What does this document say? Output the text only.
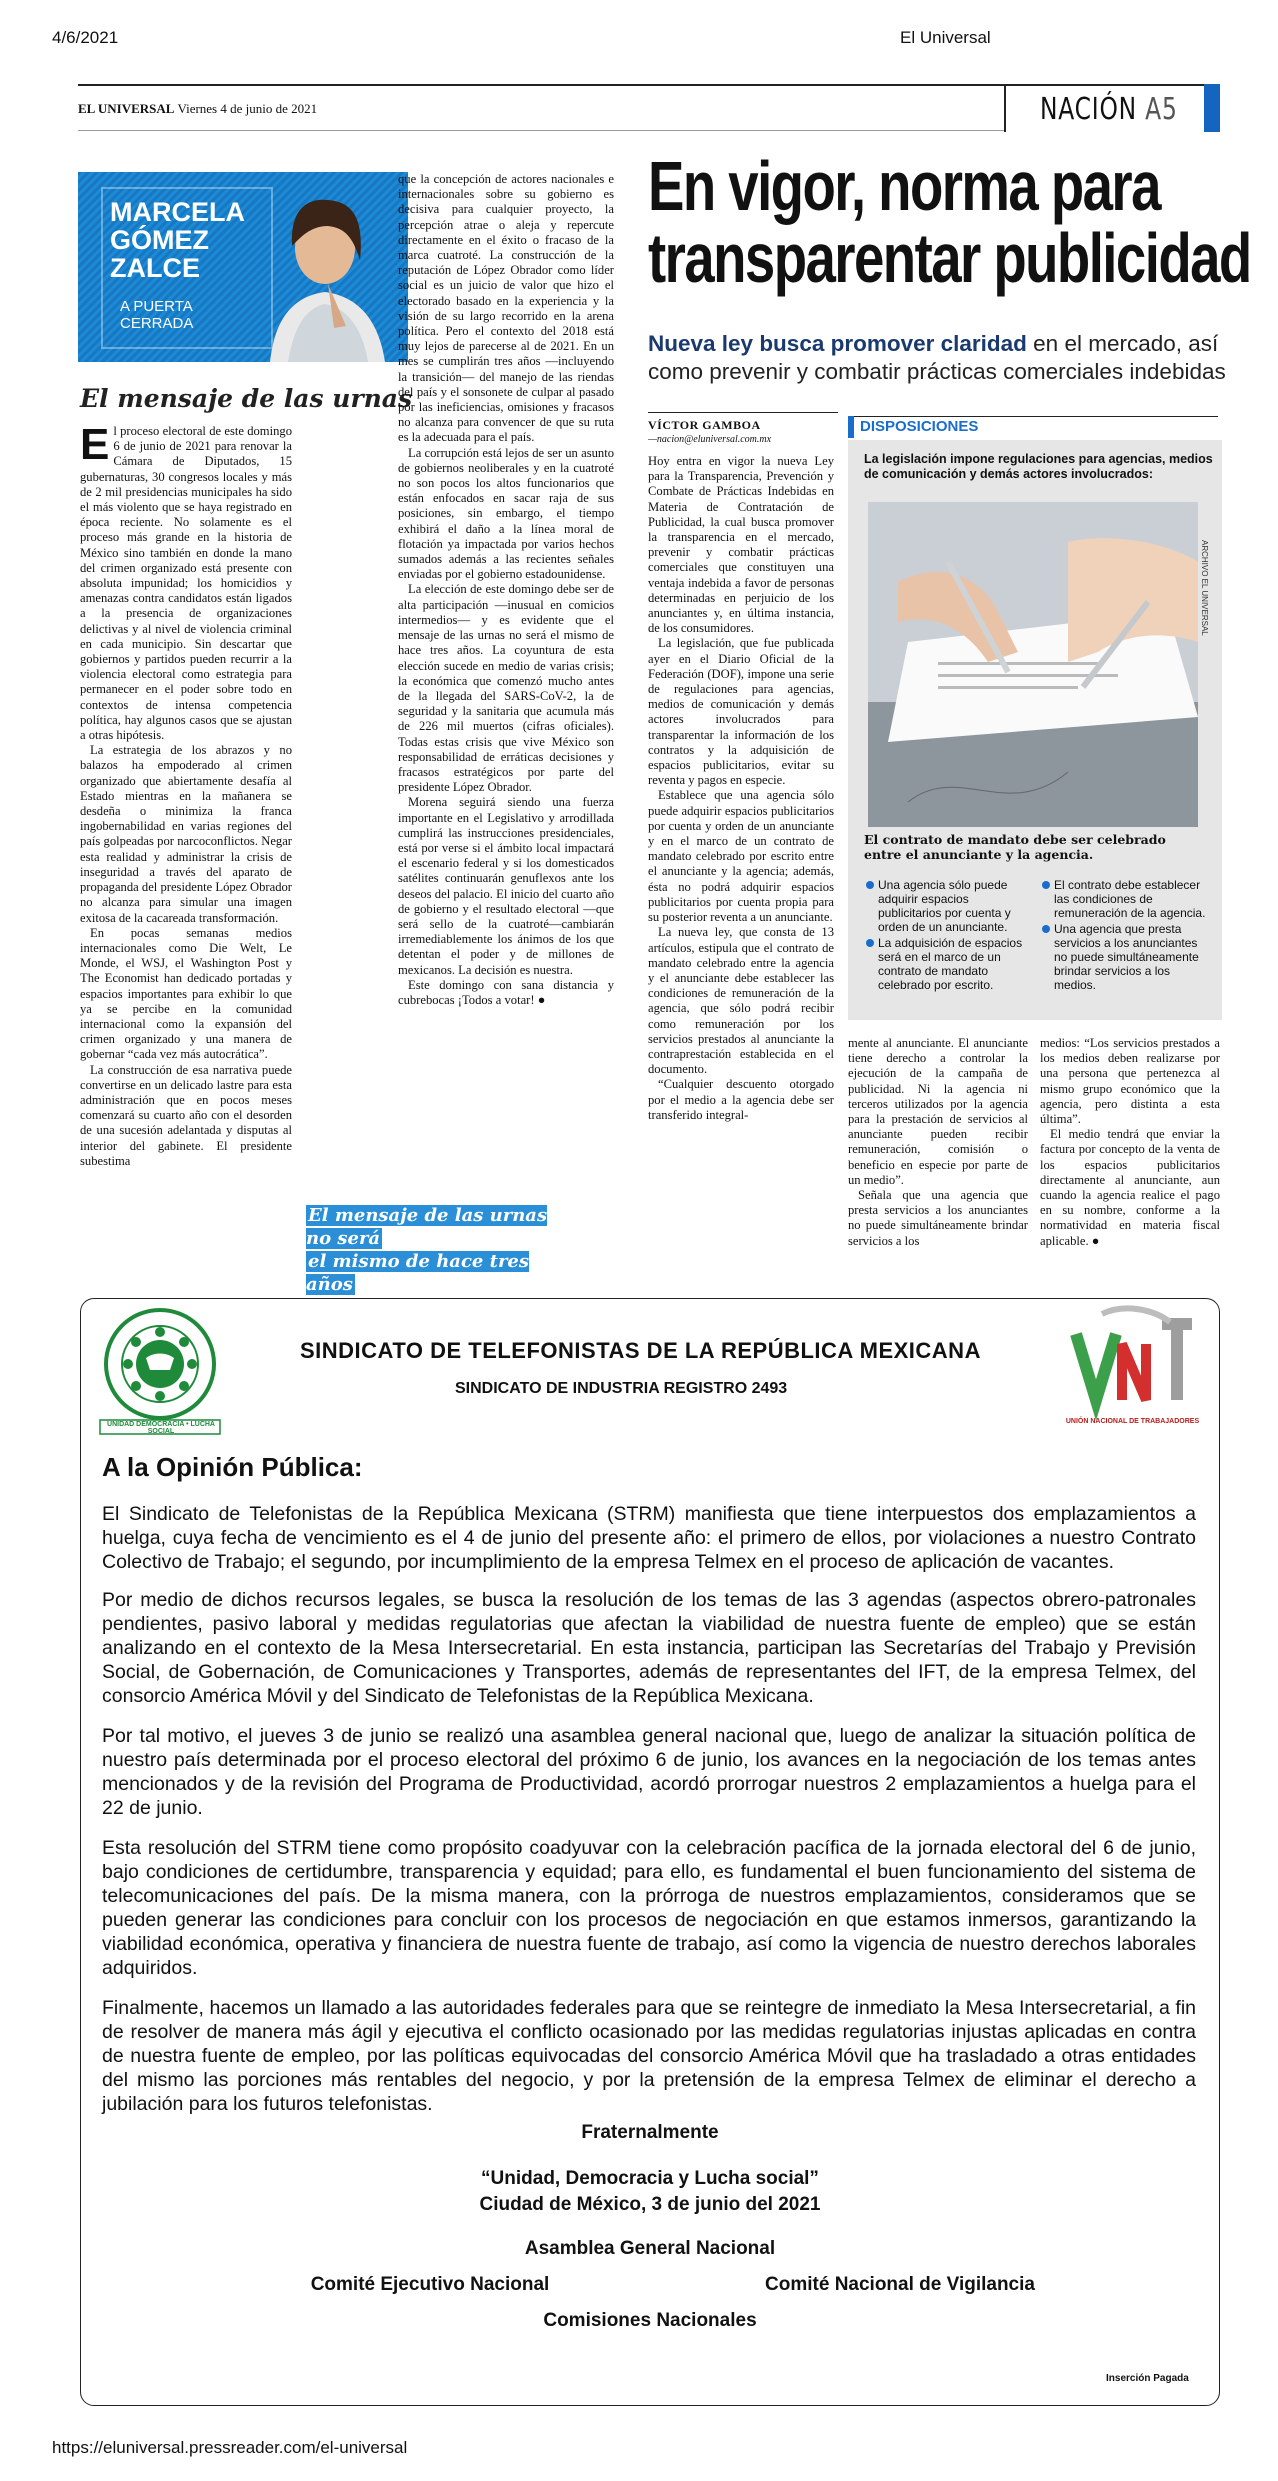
4/6/2021	El Universal
https://eluniversal.pressreader.com/el-universal
EL UNIVERSAL Viernes 4 de junio de 2021	NACIÓN A5
MARCELA
GÓMEZ
ZALCE
A PUERTA
CERRADA
El mensaje de las urnas

El proceso electoral de este domingo 6 de junio de 2021 para renovar la Cámara de Diputados, 15 gubernaturas, 30 congresos locales y más de 2 mil presidencias municipales ha sido el más violento que se haya registrado en época reciente. No solamente es el proceso más grande en la historia de México sino también en donde la mano del crimen organizado está presente con absoluta impunidad; los homicidios y amenazas contra candidatos están ligados a la presencia de organizaciones delictivas y al nivel de violencia criminal en cada municipio. Sin descartar que gobiernos y partidos pueden recurrir a la violencia electoral como estrategia para permanecer en el poder sobre todo en contextos de intensa competencia política, hay algunos casos que se ajustan a otras hipótesis.

La estrategia de los abrazos y no balazos ha empoderado al crimen organizado que abiertamente desafía al Estado mientras en la mañanera se desdeña o minimiza la franca ingobernabilidad en varias regiones del país golpeadas por narcoconflictos. Negar esta realidad y administrar la crisis de inseguridad a través del aparato de propaganda del presidente López Obrador no alcanza para simular una imagen exitosa de la cacareada transformación.

En pocas semanas medios internacionales como Die Welt, Le Monde, el WSJ, el Washington Post y The Economist han dedicado portadas y espacios importantes para exhibir lo que ya se percibe en la comunidad internacional como la expansión del crimen organizado y una manera de gobernar “cada vez más autocrática”.

La construcción de esa narrativa puede convertirse en un delicado lastre para esta administración que en pocos meses comenzará su cuarto año con el desorden de una sucesión adelantada y disputas al interior del gabinete. El presidente subestima

que la concepción de actores nacionales e internacionales sobre su gobierno es decisiva para cualquier proyecto, la percepción atrae o aleja y repercute directamente en el éxito o fracaso de la marca cuatroté. La construcción de la reputación de López Obrador como líder social es un juicio de valor que hizo el electorado basado en la experiencia y la visión de su largo recorrido en la arena política. Pero el contexto del 2018 está muy lejos de parecerse al de 2021. En un mes se cumplirán tres años —incluyendo la transición— del manejo de las riendas del país y el sonsonete de culpar al pasado por las ineficiencias, omisiones y fracasos no alcanza para convencer de que su ruta es la adecuada para el país.

La corrupción está lejos de ser un asunto de gobiernos neoliberales y en la cuatroté no son pocos los altos funcionarios que están enfocados en sacar raja de sus posiciones, sin embargo, el tiempo exhibirá el daño a la línea moral de flotación ya impactada por varios hechos sumados además a las recientes señales enviadas por el gobierno estadounidense.

La elección de este domingo debe ser de alta participación —inusual en comicios intermedios— y es evidente que el mensaje de las urnas no será el mismo de hace tres años. La coyuntura de esta elección sucede en medio de varias crisis; la económica que comenzó mucho antes de la llegada del SARS-CoV-2, la de seguridad y la sanitaria que acumula más de 226 mil muertos (cifras oficiales). Todas estas crisis que vive México son responsabilidad de erráticas decisiones y fracasos estratégicos por parte del presidente López Obrador.

Morena seguirá siendo una fuerza importante en el Legislativo y arrodillada cumplirá las instrucciones presidenciales, está por verse si el ámbito local impactará el escenario federal y si los domesticados satélites continuarán genuflexos ante los deseos del palacio. El inicio del cuarto año de gobierno y el resultado electoral —que será sello de la cuatroté—cambiarán irremediablemente los ánimos de los que detentan el poder y de millones de mexicanos. La decisión es nuestra.

Este domingo con sana distancia y cubrebocas ¡Todos a votar! ●

El mensaje de las urnas no será
el mismo de hace tres años
En vigor, norma para
transparentar publicidad
Nueva ley busca promover claridad en el mercado, así como prevenir y combatir prácticas comerciales indebidas
VÍCTOR GAMBOA
—nacion@eluniversal.com.mx

Hoy entra en vigor la nueva Ley para la Transparencia, Prevención y Combate de Prácticas Indebidas en Materia de Contratación de Publicidad, la cual busca promover la transparencia en el mercado, prevenir y combatir prácticas comerciales que constituyen una ventaja indebida a favor de personas determinadas en perjuicio de los anunciantes y, en última instancia, de los consumidores.

La legislación, que fue publicada ayer en el Diario Oficial de la Federación (DOF), impone una serie de regulaciones para agencias, medios de comunicación y demás actores involucrados para transparentar la información de los contratos y la adquisición de espacios publicitarios, evitar su reventa y pagos en especie.

Establece que una agencia sólo puede adquirir espacios publicitarios por cuenta y orden de un anunciante y en el marco de un contrato de mandato celebrado por escrito entre el anunciante y la agencia; además, ésta no podrá adquirir espacios publicitarios por cuenta propia para su posterior reventa a un anunciante.

La nueva ley, que consta de 13 artículos, estipula que el contrato de mandato celebrado entre la agencia y el anunciante debe establecer las condiciones de remuneración de la agencia, que sólo podrá recibir como remuneración por los servicios prestados al anunciante la contraprestación establecida en el documento.

“Cualquier descuento otorgado por el medio a la agencia debe ser transferido integral-

DISPOSICIONES
La legislación impone regulaciones para agencias, medios de comunicación y demás actores involucrados:
ARCHIVO EL UNIVERSAL
El contrato de mandato debe ser celebrado entre el anunciante y la agencia.
Una agencia sólo puede adquirir espacios publicitarios por cuenta y orden de un anunciante.
La adquisición de espacios será en el marco de un contrato de mandato celebrado por escrito.
El contrato debe establecer las condiciones de remuneración de la agencia.
Una agencia que presta servicios a los anunciantes no puede simultáneamente brindar servicios a los medios.

mente al anunciante. El anunciante tiene derecho a controlar la ejecución de la campaña de publicidad. Ni la agencia ni terceros utilizados por la agencia para la prestación de servicios al anunciante pueden recibir remuneración, comisión o beneficio en especie por parte de un medio”.

Señala que una agencia que presta servicios a los anunciantes no puede simultáneamente brindar servicios a los

medios: “Los servicios prestados a los medios deben realizarse por una persona que pertenezca al mismo grupo económico que la agencia, pero distinta a esta última”.

El medio tendrá que enviar la factura por concepto de la venta de los espacios publicitarios directamente al anunciante, aun cuando la agencia realice el pago en su nombre, conforme a la normatividad en materia fiscal aplicable. ●

UNIDAD DEMOCRACIA • LUCHA SOCIAL
UNIÓN NACIONAL DE TRABAJADORES
SINDICATO DE TELEFONISTAS DE LA REPÚBLICA MEXICANA
SINDICATO DE INDUSTRIA REGISTRO 2493
A la Opinión Pública:
El Sindicato de Telefonistas de la República Mexicana (STRM) manifiesta que tiene interpuestos dos emplazamientos a huelga, cuya fecha de vencimiento es el 4 de junio del presente año: el primero de ellos, por violaciones a nuestro Contrato Colectivo de Trabajo; el segundo, por incumplimiento de la empresa Telmex en el proceso de aplicación de vacantes.
Por medio de dichos recursos legales, se busca la resolución de los temas de las 3 agendas (aspectos obrero-patronales pendientes, pasivo laboral y medidas regulatorias que afectan la viabilidad de nuestra fuente de empleo) que se están analizando en el contexto de la Mesa Intersecretarial. En esta instancia, participan las Secretarías del Trabajo y Previsión Social, de Gobernación, de Comunicaciones y Transportes, además de representantes del IFT, de la empresa Telmex, del consorcio América Móvil y del Sindicato de Telefonistas de la República Mexicana.
Por tal motivo, el jueves 3 de junio se realizó una asamblea general nacional que, luego de analizar la situación política de nuestro país determinada por el proceso electoral del próximo 6 de junio, los avances en la negociación de los temas antes mencionados y de la revisión del Programa de Productividad, acordó prorrogar nuestros 2 emplazamientos a huelga para el 22 de junio.
Esta resolución del STRM tiene como propósito coadyuvar con la celebración pacífica de la jornada electoral del 6 de junio, bajo condiciones de certidumbre, transparencia y equidad; para ello, es fundamental el buen funcionamiento del sistema de telecomunicaciones del país. De la misma manera, con la prórroga de nuestros emplazamientos, consideramos que se pueden generar las condiciones para concluir con los procesos de negociación en que estamos inmersos, garantizando la viabilidad económica, operativa y financiera de nuestra fuente de trabajo, así como la vigencia de nuestro derechos laborales adquiridos.
Finalmente, hacemos un llamado a las autoridades federales para que se reintegre de inmediato la Mesa Intersecretarial, a fin de resolver de manera más ágil y ejecutiva el conflicto ocasionado por las medidas regulatorias injustas aplicadas en contra de nuestra fuente de empleo, por las políticas equivocadas del consorcio América Móvil que ha trasladado a otras entidades del mismo las porciones más rentables del negocio, y por la pretensión de la empresa Telmex de eliminar el derecho a jubilación para los futuros telefonistas.
Fraternalmente
“Unidad, Democracia y Lucha social”
Ciudad de México, 3 de junio del 2021
Asamblea General Nacional
Comité Ejecutivo Nacional	Comité Nacional de Vigilancia
Comisiones Nacionales
Inserción Pagada
